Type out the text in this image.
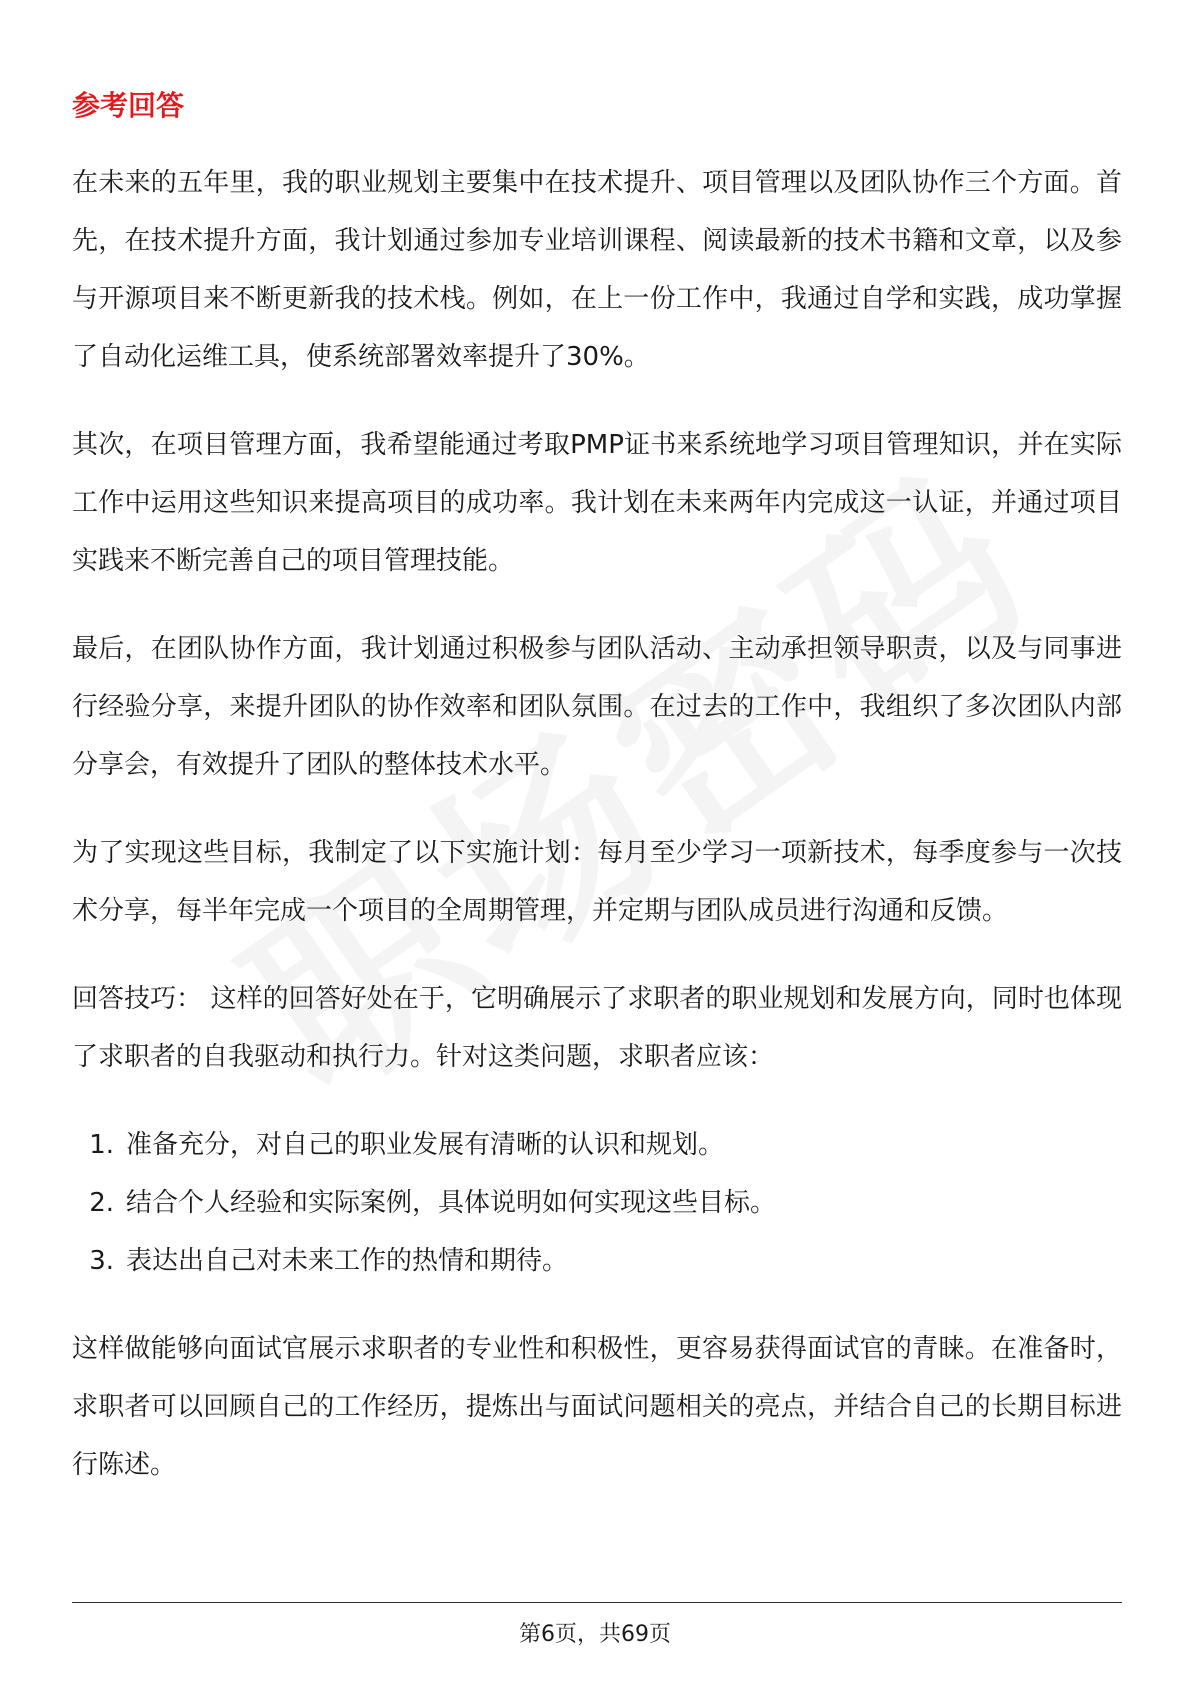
参考回答

在未来的五年里，我的职业规划主要集中在技术提升、项目管理以及团队协作三个方面。首先，在技术提升方面，我计划通过参加专业培训课程、阅读最新的技术书籍和文章，以及参与开源项目来不断更新我的技术栈。例如，在上一份工作中，我通过自学和实践，成功掌握了自动化运维工具，使系统部署效率提升了30%。

其次，在项目管理方面，我希望能通过考取PMP证书来系统地学习项目管理知识，并在实际工作中运用这些知识来提高项目的成功率。我计划在未来两年内完成这一认证，并通过项目实践来不断完善自己的项目管理技能。

最后，在团队协作方面，我计划通过积极参与团队活动、主动承担领导职责，以及与同事进行经验分享，来提升团队的协作效率和团队氛围。在过去的工作中，我组织了多次团队内部分享会，有效提升了团队的整体技术水平。

为了实现这些目标，我制定了以下实施计划：每月至少学习一项新技术，每季度参与一次技术分享，每半年完成一个项目的全周期管理，并定期与团队成员进行沟通和反馈。

回答技巧： 这样的回答好处在于，它明确展示了求职者的职业规划和发展方向，同时也体现了求职者的自我驱动和执行力。针对这类问题，求职者应该：

1. 准备充分，对自己的职业发展有清晰的认识和规划。
2. 结合个人经验和实际案例，具体说明如何实现这些目标。
3. 表达出自己对未来工作的热情和期待。

这样做能够向面试官展示求职者的专业性和积极性，更容易获得面试官的青睐。在准备时，求职者可以回顾自己的工作经历，提炼出与面试问题相关的亮点，并结合自己的长期目标进行陈述。

第6页，共69页
